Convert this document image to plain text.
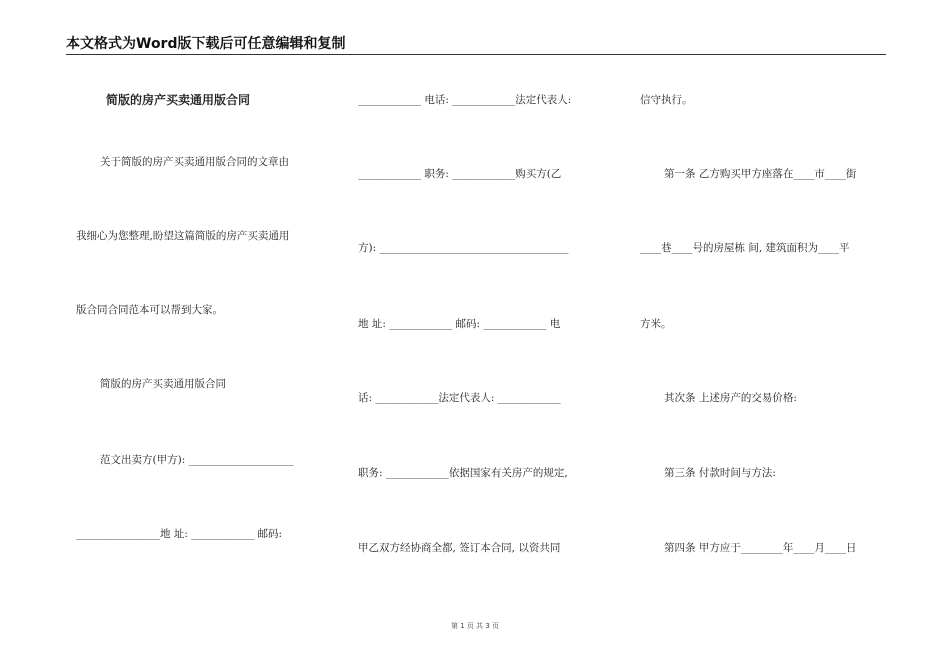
本文格式为Word版下载后可任意编辑和复制
简版的房产买卖通用版合同
关于简版的房产买卖通用版合同的文章由
我细心为您整理,盼望这篇简版的房产买卖通用
版合同合同范本可以帮到大家。
简版的房产买卖通用版合同
范文出卖方(甲方): ____________________
________________地 址: ____________ 邮码:
____________ 电话: ____________法定代表人:
____________ 职务: ____________购买方(乙
方): ____________________________________
地 址: ____________ 邮码: ____________ 电
话: ____________法定代表人: ____________
职务: ____________依据国家有关房产的规定,
甲乙双方经协商全都, 签订本合同, 以资共同
信守执行。
第一条 乙方购买甲方座落在____市____街
____巷____号的房屋栋 间, 建筑面积为____平
方米。
其次条 上述房产的交易价格:
第三条 付款时间与方法:
第四条 甲方应于________年____月____日
第 1 页 共 3 页
